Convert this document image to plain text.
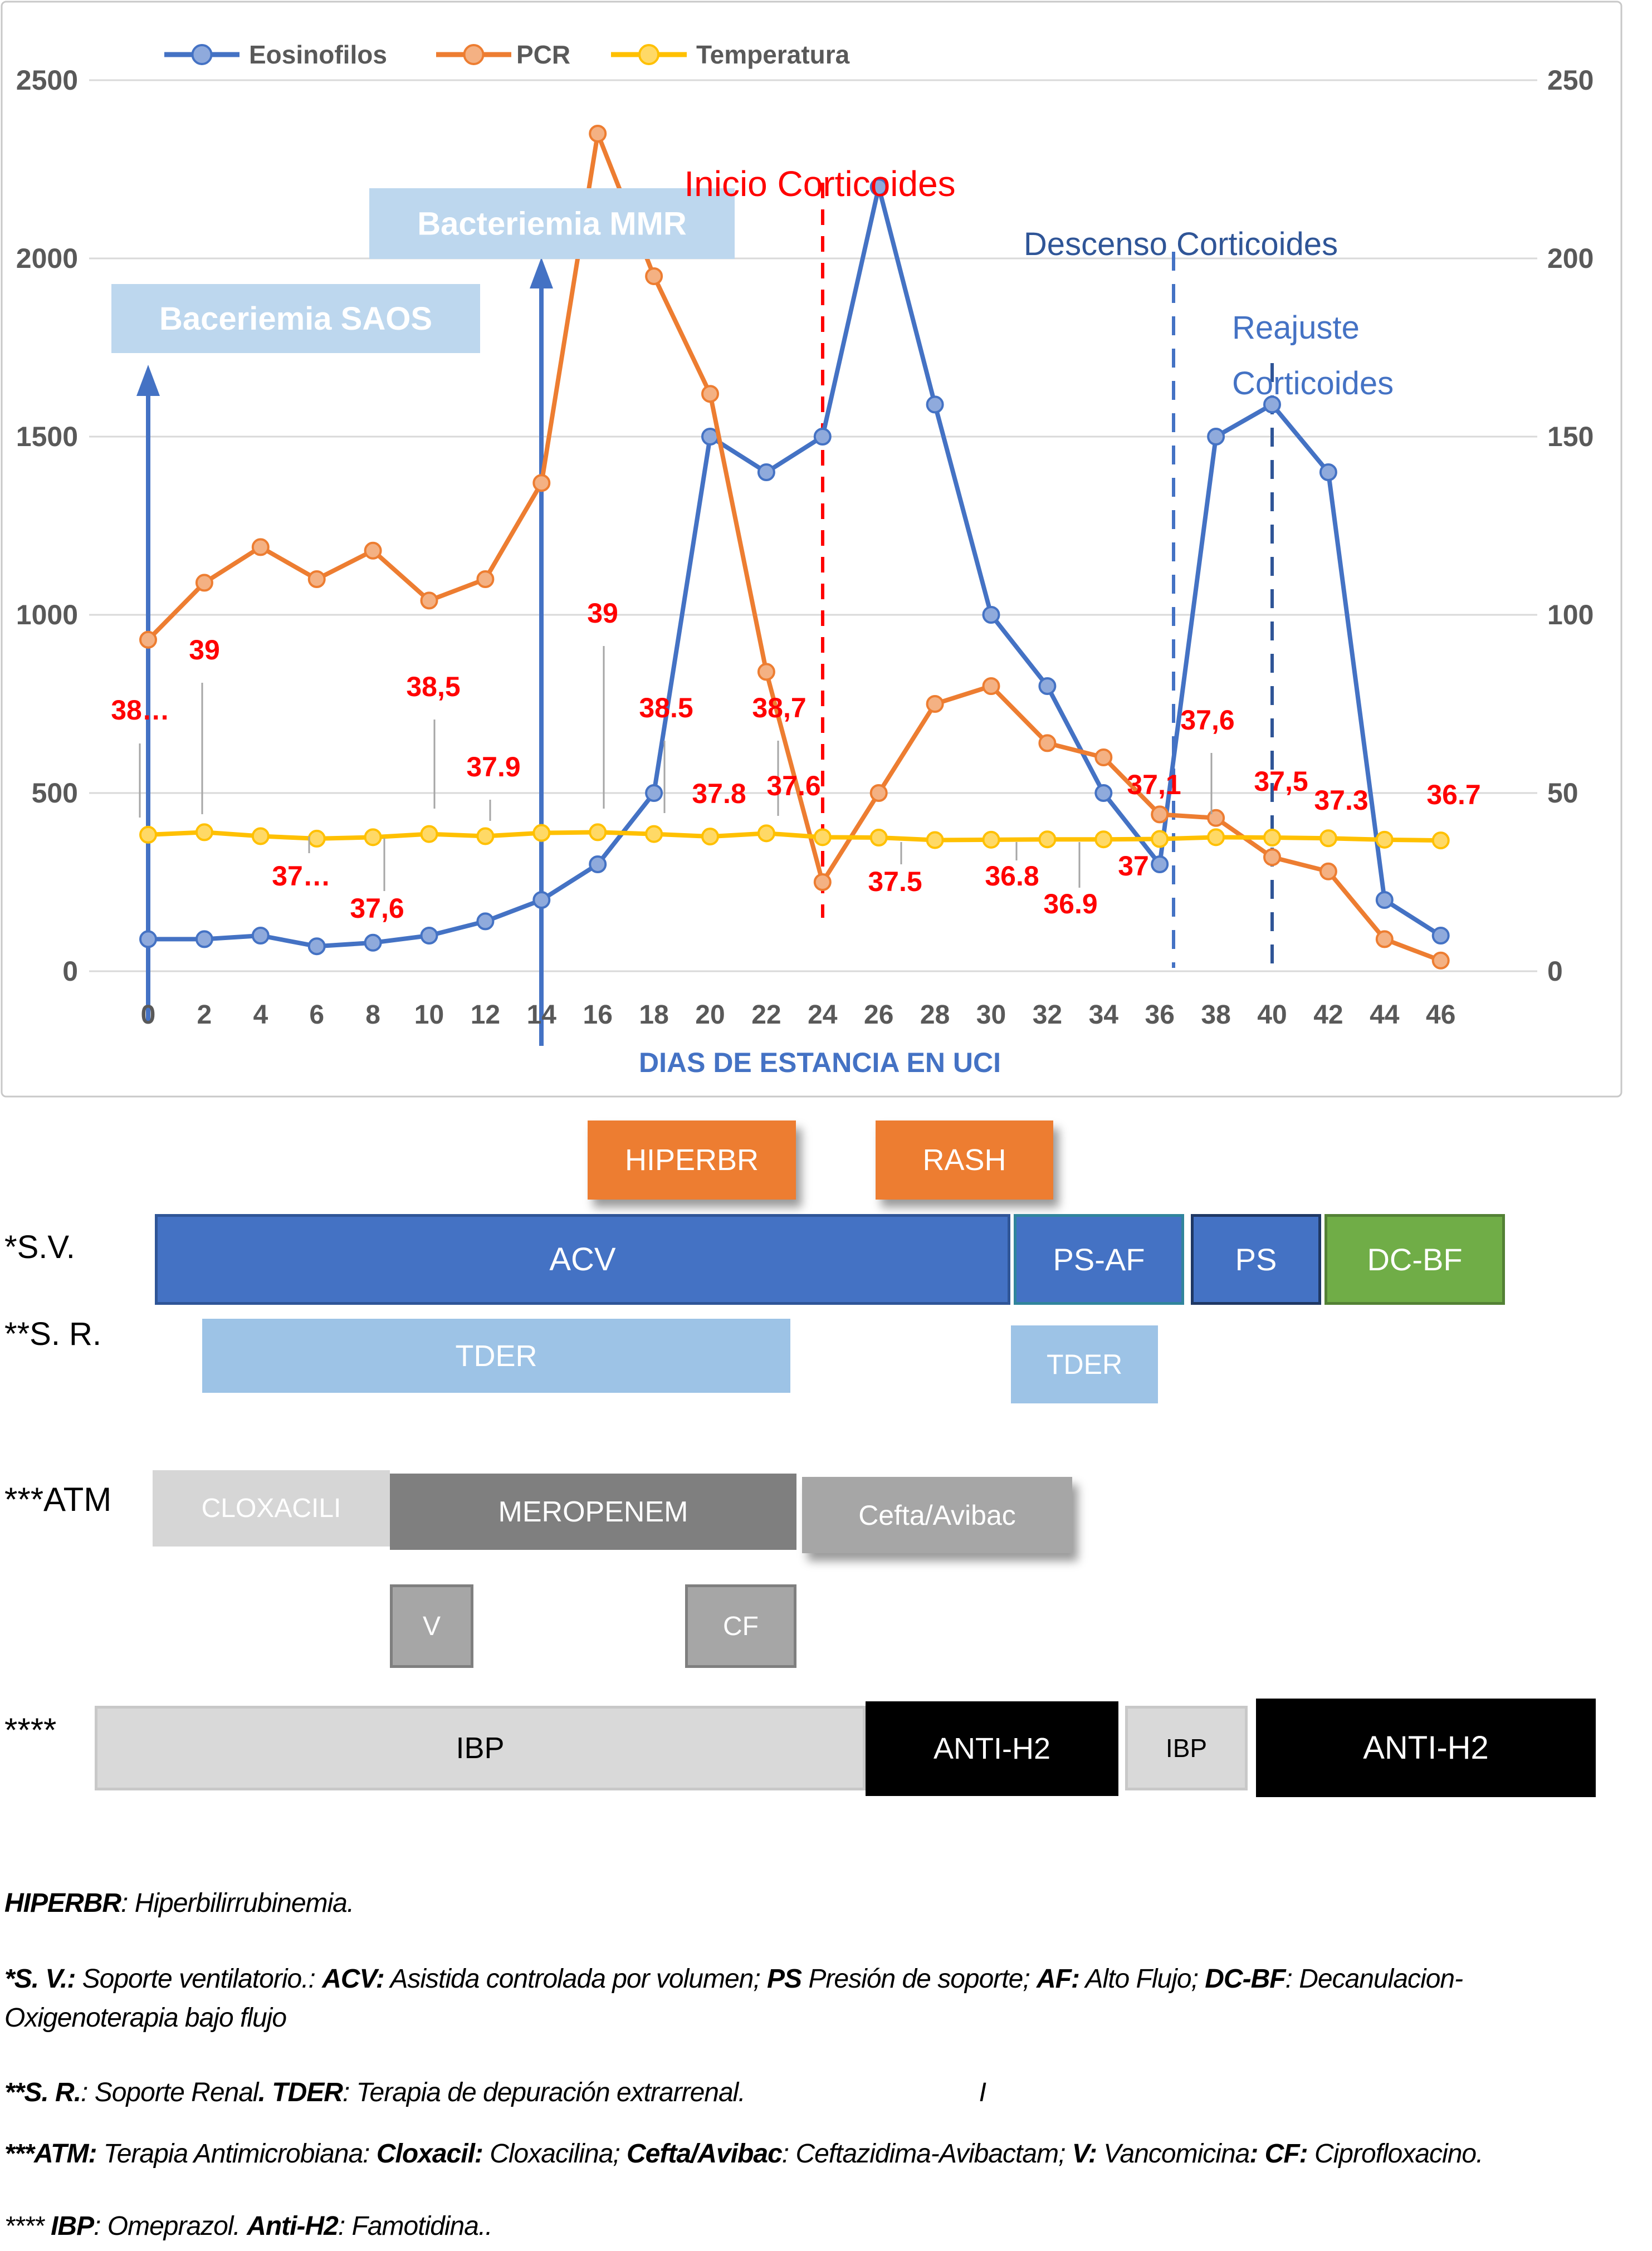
Bacteriemia MMR
Baceriemia SAOS
Inicio Corticoides
Descenso Corticoides
Reajuste
Corticoides
38…
39
37…
37,6
38,5
37.9
39
38.5
37.8
38,7
37.6
37.5 36.8
36.9
37
37,1
37,6
37,5
37.3 36.7
2500
2000
1500
1000
500
0
250
200
150
100
50
0
0 2 4 6 8 10 12 14 16 18 20 22 24 26 28 30 32 34 36 38 40 42 44 46
DIAS DE ESTANCIA EN UCI
Eosinofilos	PCR	Temperatura
HIPERBR	RASH
ACV	PS-AF	PS	DC-BF
TDER	TDER
CLOXACILI	MEROPENEM	Cefta/Avibac
V	CF
IBP	ANTI-H2	IBP	ANTI-H2
*S.V.
**S. R.
***ATM
****
HIPERBR: Hiperbilirrubinemia.
*S. V.: Soporte ventilatorio.: ACV: Asistida controlada por volumen; PS Presión de soporte; AF: Alto Flujo; DC-BF: Decanulacion-
Oxigenoterapia bajo flujo
**S. R.: Soporte Renal. TDER: Terapia de depuración extrarrenal.	I
***ATM: Terapia Antimicrobiana: Cloxacil: Cloxacilina; Cefta/Avibac: Ceftazidima-Avibactam; V: Vancomicina: CF: Ciprofloxacino.
**** IBP: Omeprazol. Anti-H2: Famotidina..
